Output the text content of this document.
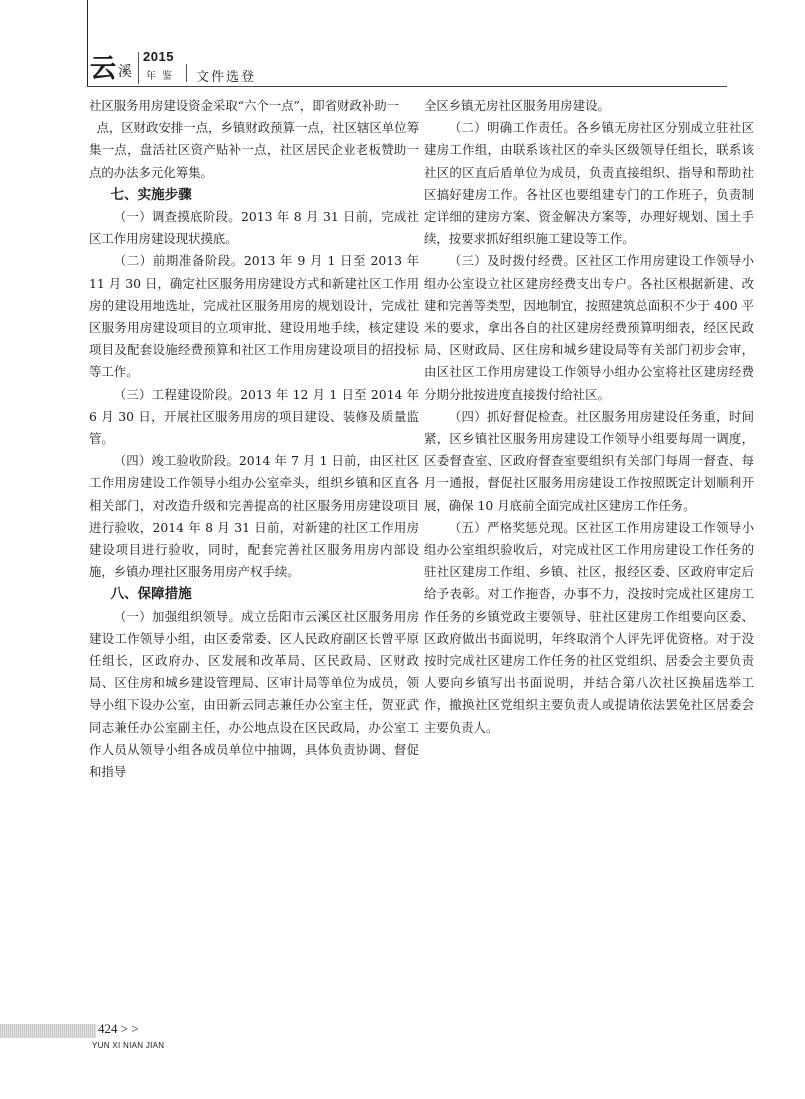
云 溪
2015
年鉴 文件选登

社区服务用房建设资金采取“六个一点”，即省财政补助一

点，区财政安排一点，乡镇财政预算一点，社区辖区单位筹集一点，盘活社区资产贴补一点，社区居民企业老板赞助一点的办法多元化筹集。

七、实施步骤

（一）调查摸底阶段。2013 年 8 月 31 日前，完成社区工作用房建设现状摸底。

（二）前期准备阶段。2013 年 9 月 1 日至 2013 年 11 月 30 日，确定社区服务用房建设方式和新建社区工作用房的建设用地选址，完成社区服务用房的规划设计，完成社区服务用房建设项目的立项审批、建设用地手续，核定建设项目及配套设施经费预算和社区工作用房建设项目的招投标等工作。

（三）工程建设阶段。2013 年 12 月 1 日至 2014 年 6 月 30 日，开展社区服务用房的项目建设、装修及质量监管。

（四）竣工验收阶段。2014 年 7 月 1 日前，由区社区工作用房建设工作领导小组办公室牵头，组织乡镇和区直各相关部门，对改造升级和完善提高的社区服务用房建设项目进行验收，2014 年 8 月 31 日前，对新建的社区工作用房建设项目进行验收，同时，配套完善社区服务用房内部设施，乡镇办理社区服务用房产权手续。

八、保障措施

（一）加强组织领导。成立岳阳市云溪区社区服务用房建设工作领导小组，由区委常委、区人民政府副区长曾平原任组长，区政府办、区发展和改革局、区民政局、区财政局、区住房和城乡建设管理局、区审计局等单位为成员，领导小组下设办公室，由田新云同志兼任办公室主任，贺亚武同志兼任办公室副主任，办公地点设在区民政局，办公室工作人员从领导小组各成员单位中抽调，具体负责协调、督促和指导

全区乡镇无房社区服务用房建设。

（二）明确工作责任。各乡镇无房社区分别成立驻社区建房工作组，由联系该社区的牵头区级领导任组长，联系该社区的区直后盾单位为成员，负责直接组织、指导和帮助社区搞好建房工作。各社区也要组建专门的工作班子，负责制定详细的建房方案、资金解决方案等，办理好规划、国土手续，按要求抓好组织施工建设等工作。

（三）及时拨付经费。区社区工作用房建设工作领导小组办公室设立社区建房经费支出专户。各社区根据新建、改建和完善等类型，因地制宜，按照建筑总面积不少于 400 平米的要求，拿出各自的社区建房经费预算明细表，经区民政局、区财政局、区住房和城乡建设局等有关部门初步会审，由区社区工作用房建设工作领导小组办公室将社区建房经费分期分批按进度直接拨付给社区。

（四）抓好督促检查。社区服务用房建设任务重，时间紧，区乡镇社区服务用房建设工作领导小组要每周一调度，区委督查室、区政府督查室要组织有关部门每周一督查、每月一通报，督促社区服务用房建设工作按照既定计划顺利开展，确保 10 月底前全面完成社区建房工作任务。

（五）严格奖惩兑现。区社区工作用房建设工作领导小组办公室组织验收后，对完成社区工作用房建设工作任务的驻社区建房工作组、乡镇、社区，报经区委、区政府审定后给予表彰。对工作拖沓，办事不力，没按时完成社区建房工作任务的乡镇党政主要领导、驻社区建房工作组要向区委、区政府做出书面说明，年终取消个人评先评优资格。对于没按时完成社区建房工作任务的社区党组织、居委会主要负责人要向乡镇写出书面说明，并结合第八次社区换届选举工作，撤换社区党组织主要负责人或提请依法罢免社区居委会主要负责人。

424 > >
YUN XI NIAN JIAN
